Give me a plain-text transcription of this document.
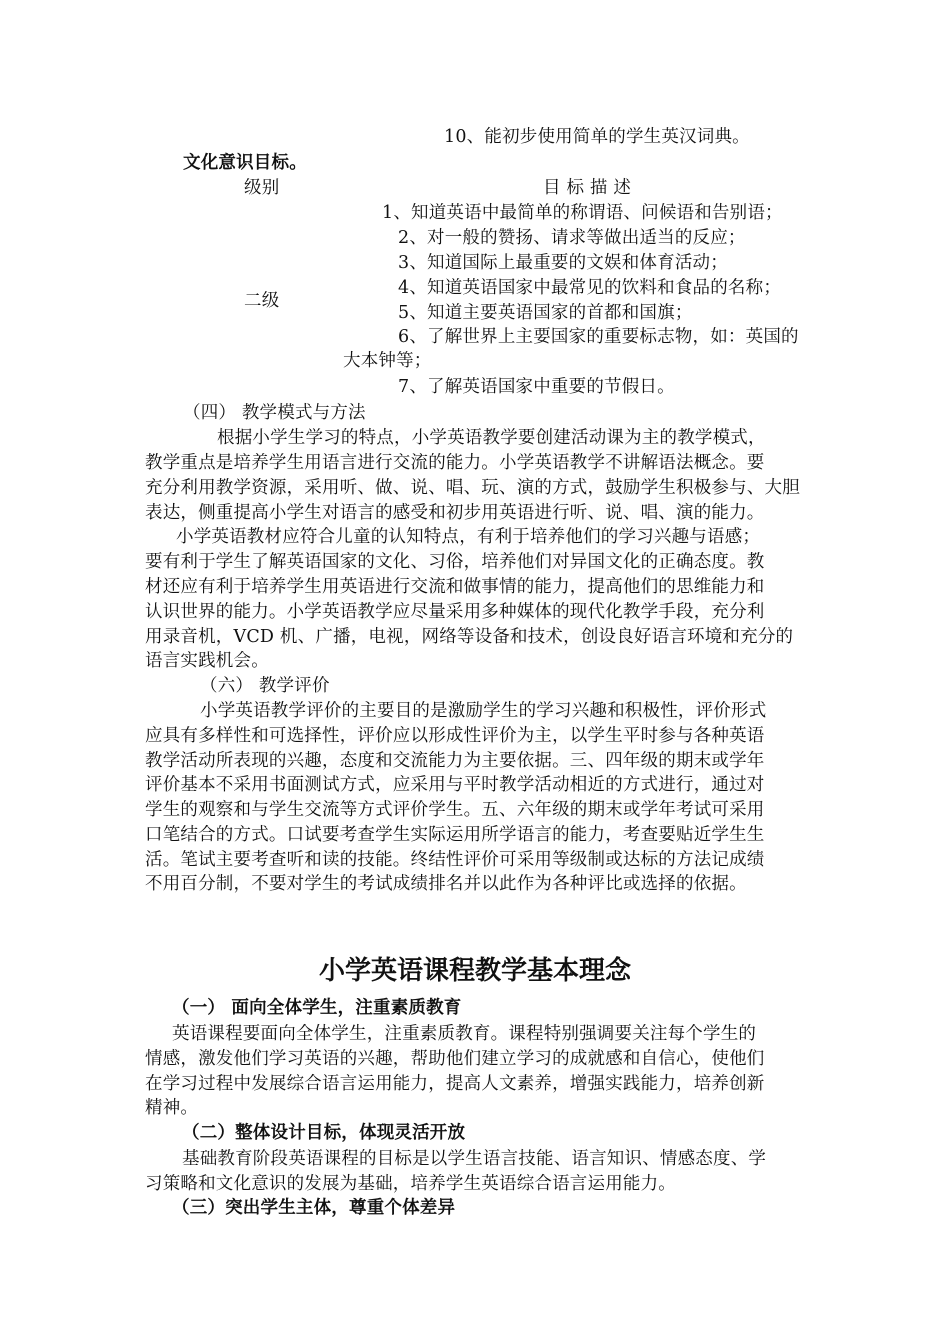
10、能初步使用简单的学生英汉词典。
文化意识目标。
级别	目 标 描 述
二级
1、知道英语中最简单的称谓语、问候语和告别语；
2、对一般的赞扬、请求等做出适当的反应；
3、知道国际上最重要的文娱和体育活动；
4、知道英语国家中最常见的饮料和食品的名称；
5、知道主要英语国家的首都和国旗；
6、了解世界上主要国家的重要标志物，如：英国的
大本钟等；
7、了解英语国家中重要的节假日。
（四） 教学模式与方法
根据小学生学习的特点，小学英语教学要创建活动课为主的教学模式，
教学重点是培养学生用语言进行交流的能力。小学英语教学不讲解语法概念。要
充分利用教学资源，采用听、做、说、唱、玩、演的方式，鼓励学生积极参与、大胆
表达，侧重提高小学生对语言的感受和初步用英语进行听、说、唱、演的能力。
小学英语教材应符合儿童的认知特点，有利于培养他们的学习兴趣与语感；
要有利于学生了解英语国家的文化、习俗，培养他们对异国文化的正确态度。教
材还应有利于培养学生用英语进行交流和做事情的能力，提高他们的思维能力和
认识世界的能力。小学英语教学应尽量采用多种媒体的现代化教学手段，充分利
用录音机，VCD 机、广播，电视，网络等设备和技术，创设良好语言环境和充分的
语言实践机会。
（六） 教学评价
小学英语教学评价的主要目的是激励学生的学习兴趣和积极性，评价形式
应具有多样性和可选择性，评价应以形成性评价为主，以学生平时参与各种英语
教学活动所表现的兴趣，态度和交流能力为主要依据。三、四年级的期末或学年
评价基本不采用书面测试方式，应采用与平时教学活动相近的方式进行，通过对
学生的观察和与学生交流等方式评价学生。五、六年级的期末或学年考试可采用
口笔结合的方式。口试要考查学生实际运用所学语言的能力，考查要贴近学生生
活。笔试主要考查听和读的技能。终结性评价可采用等级制或达标的方法记成绩
不用百分制，不要对学生的考试成绩排名并以此作为各种评比或选择的依据。
小学英语课程教学基本理念
（一） 面向全体学生，注重素质教育
英语课程要面向全体学生，注重素质教育。课程特别强调要关注每个学生的
情感，激发他们学习英语的兴趣，帮助他们建立学习的成就感和自信心，使他们
在学习过程中发展综合语言运用能力，提高人文素养，增强实践能力，培养创新
精神。
（二）整体设计目标，体现灵活开放
基础教育阶段英语课程的目标是以学生语言技能、语言知识、情感态度、学
习策略和文化意识的发展为基础，培养学生英语综合语言运用能力。
（三）突出学生主体，尊重个体差异
